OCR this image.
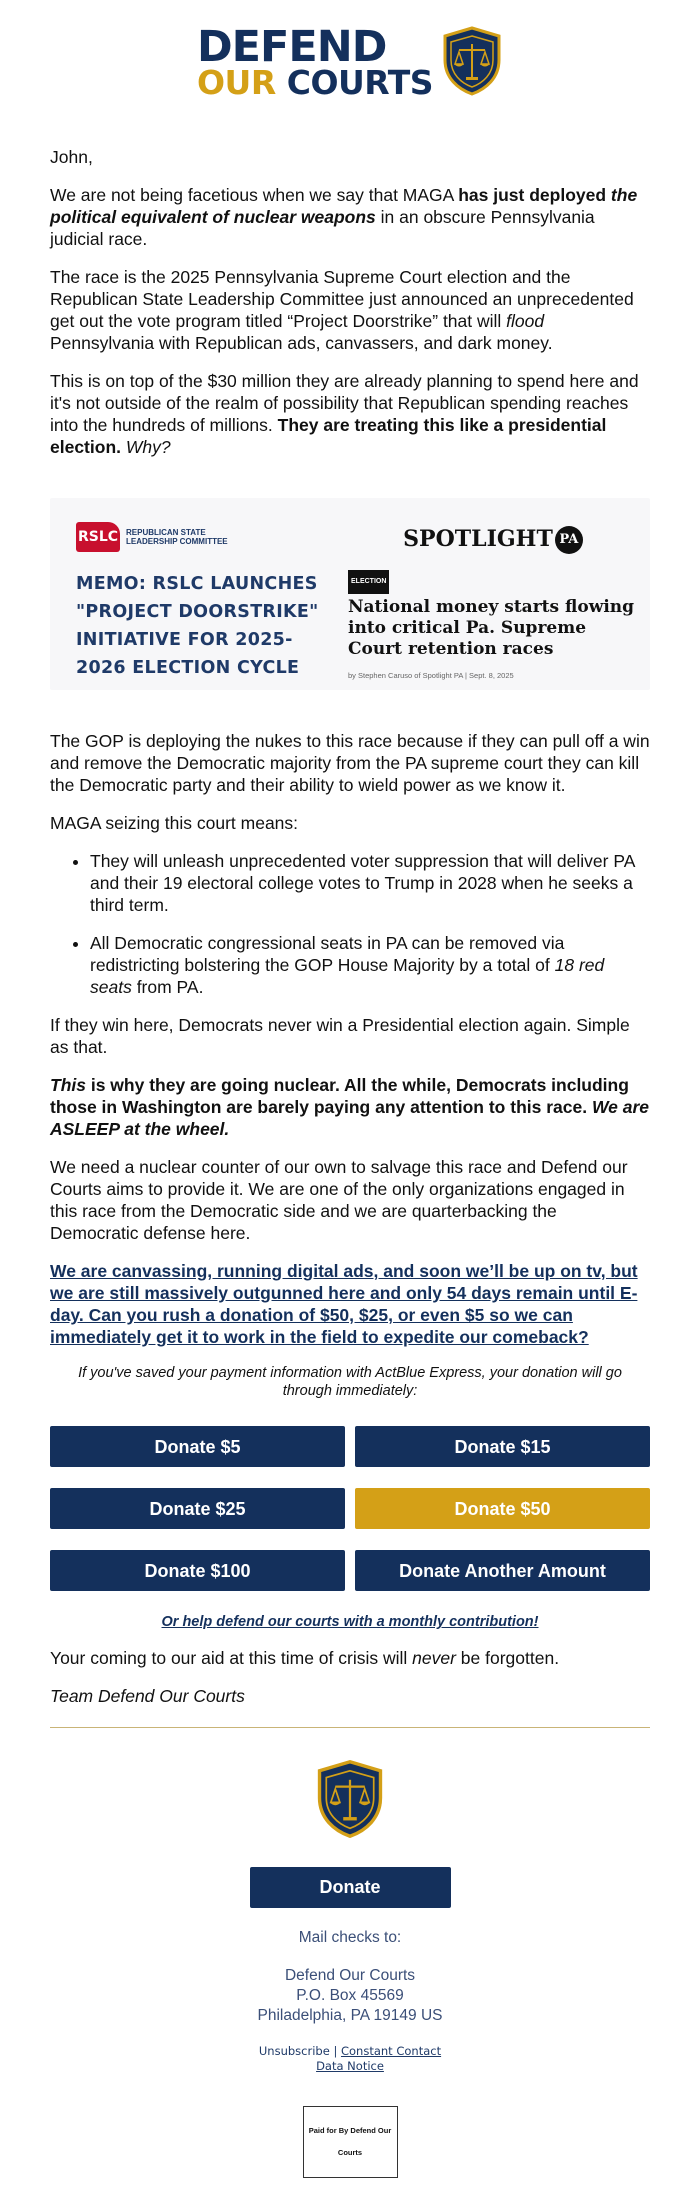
DEFEND
OUR COURTS

John,

We are not being facetious when we say that MAGA has just deployed the political equivalent of nuclear weapons in an obscure Pennsylvania judicial race.

The race is the 2025 Pennsylvania Supreme Court election and the Republican State Leadership Committee just announced an unprecedented get out the vote program titled “Project Doorstrike” that will flood Pennsylvania with Republican ads, canvassers, and dark money.

This is on top of the $30 million they are already planning to spend here and it's not outside of the realm of possibility that Republican spending reaches into the hundreds of millions. They are treating this like a presidential election. Why?

RSLC REPUBLICAN STATE LEADERSHIP COMMITTEE
MEMO: RSLC LAUNCHES "PROJECT DOORSTRIKE" INITIATIVE FOR 2025-2026 ELECTION CYCLE
SPOTLIGHT PA
ELECTION
National money starts flowing into critical Pa. Supreme Court retention races
by Stephen Caruso of Spotlight PA | Sept. 8, 2025

The GOP is deploying the nukes to this race because if they can pull off a win and remove the Democratic majority from the PA supreme court they can kill the Democratic party and their ability to wield power as we know it.

MAGA seizing this court means:

• They will unleash unprecedented voter suppression that will deliver PA and their 19 electoral college votes to Trump in 2028 when he seeks a third term.
• All Democratic congressional seats in PA can be removed via redistricting bolstering the GOP House Majority by a total of 18 red seats from PA.

If they win here, Democrats never win a Presidential election again. Simple as that.

This is why they are going nuclear. All the while, Democrats including those in Washington are barely paying any attention to this race. We are ASLEEP at the wheel.

We need a nuclear counter of our own to salvage this race and Defend our Courts aims to provide it. We are one of the only organizations engaged in this race from the Democratic side and we are quarterbacking the Democratic defense here.

We are canvassing, running digital ads, and soon we’ll be up on tv, but we are still massively outgunned here and only 54 days remain until E-day. Can you rush a donation of $50, $25, or even $5 so we can immediately get it to work in the field to expedite our comeback?
If you've saved your payment information with ActBlue Express, your donation will go through immediately:
Donate $5	Donate $15
Donate $25	Donate $50
Donate $100	Donate Another Amount
Or help defend our courts with a monthly contribution!

Your coming to our aid at this time of crisis will never be forgotten.

Team Defend Our Courts

Donate
Mail checks to:
Defend Our Courts
P.O. Box 45569
Philadelphia, PA 19149 US
Unsubscribe | Constant Contact
Data Notice
Paid for By Defend Our Courts
